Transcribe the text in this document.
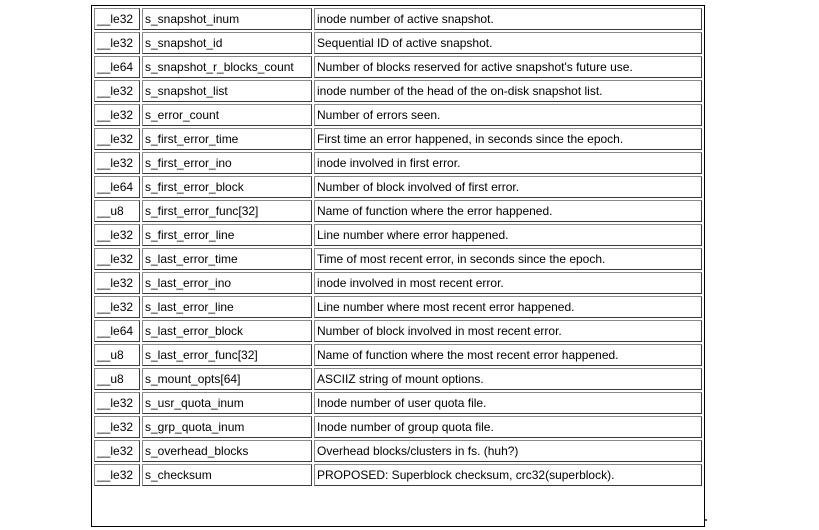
__le32	s_snapshot_inum	inode number of active snapshot.
__le32	s_snapshot_id	Sequential ID of active snapshot.
__le64	s_snapshot_r_blocks_count	Number of blocks reserved for active snapshot's future use.
__le32	s_snapshot_list	inode number of the head of the on-disk snapshot list.
__le32	s_error_count	Number of errors seen.
__le32	s_first_error_time	First time an error happened, in seconds since the epoch.
__le32	s_first_error_ino	inode involved in first error.
__le64	s_first_error_block	Number of block involved of first error.
__u8	s_first_error_func[32]	Name of function where the error happened.
__le32	s_first_error_line	Line number where error happened.
__le32	s_last_error_time	Time of most recent error, in seconds since the epoch.
__le32	s_last_error_ino	inode involved in most recent error.
__le32	s_last_error_line	Line number where most recent error happened.
__le64	s_last_error_block	Number of block involved in most recent error.
__u8	s_last_error_func[32]	Name of function where the most recent error happened.
__u8	s_mount_opts[64]	ASCIIZ string of mount options.
__le32	s_usr_quota_inum	Inode number of user quota file.
__le32	s_grp_quota_inum	Inode number of group quota file.
__le32	s_overhead_blocks	Overhead blocks/clusters in fs. (huh?)
__le32	s_checksum	PROPOSED: Superblock checksum, crc32(superblock).
